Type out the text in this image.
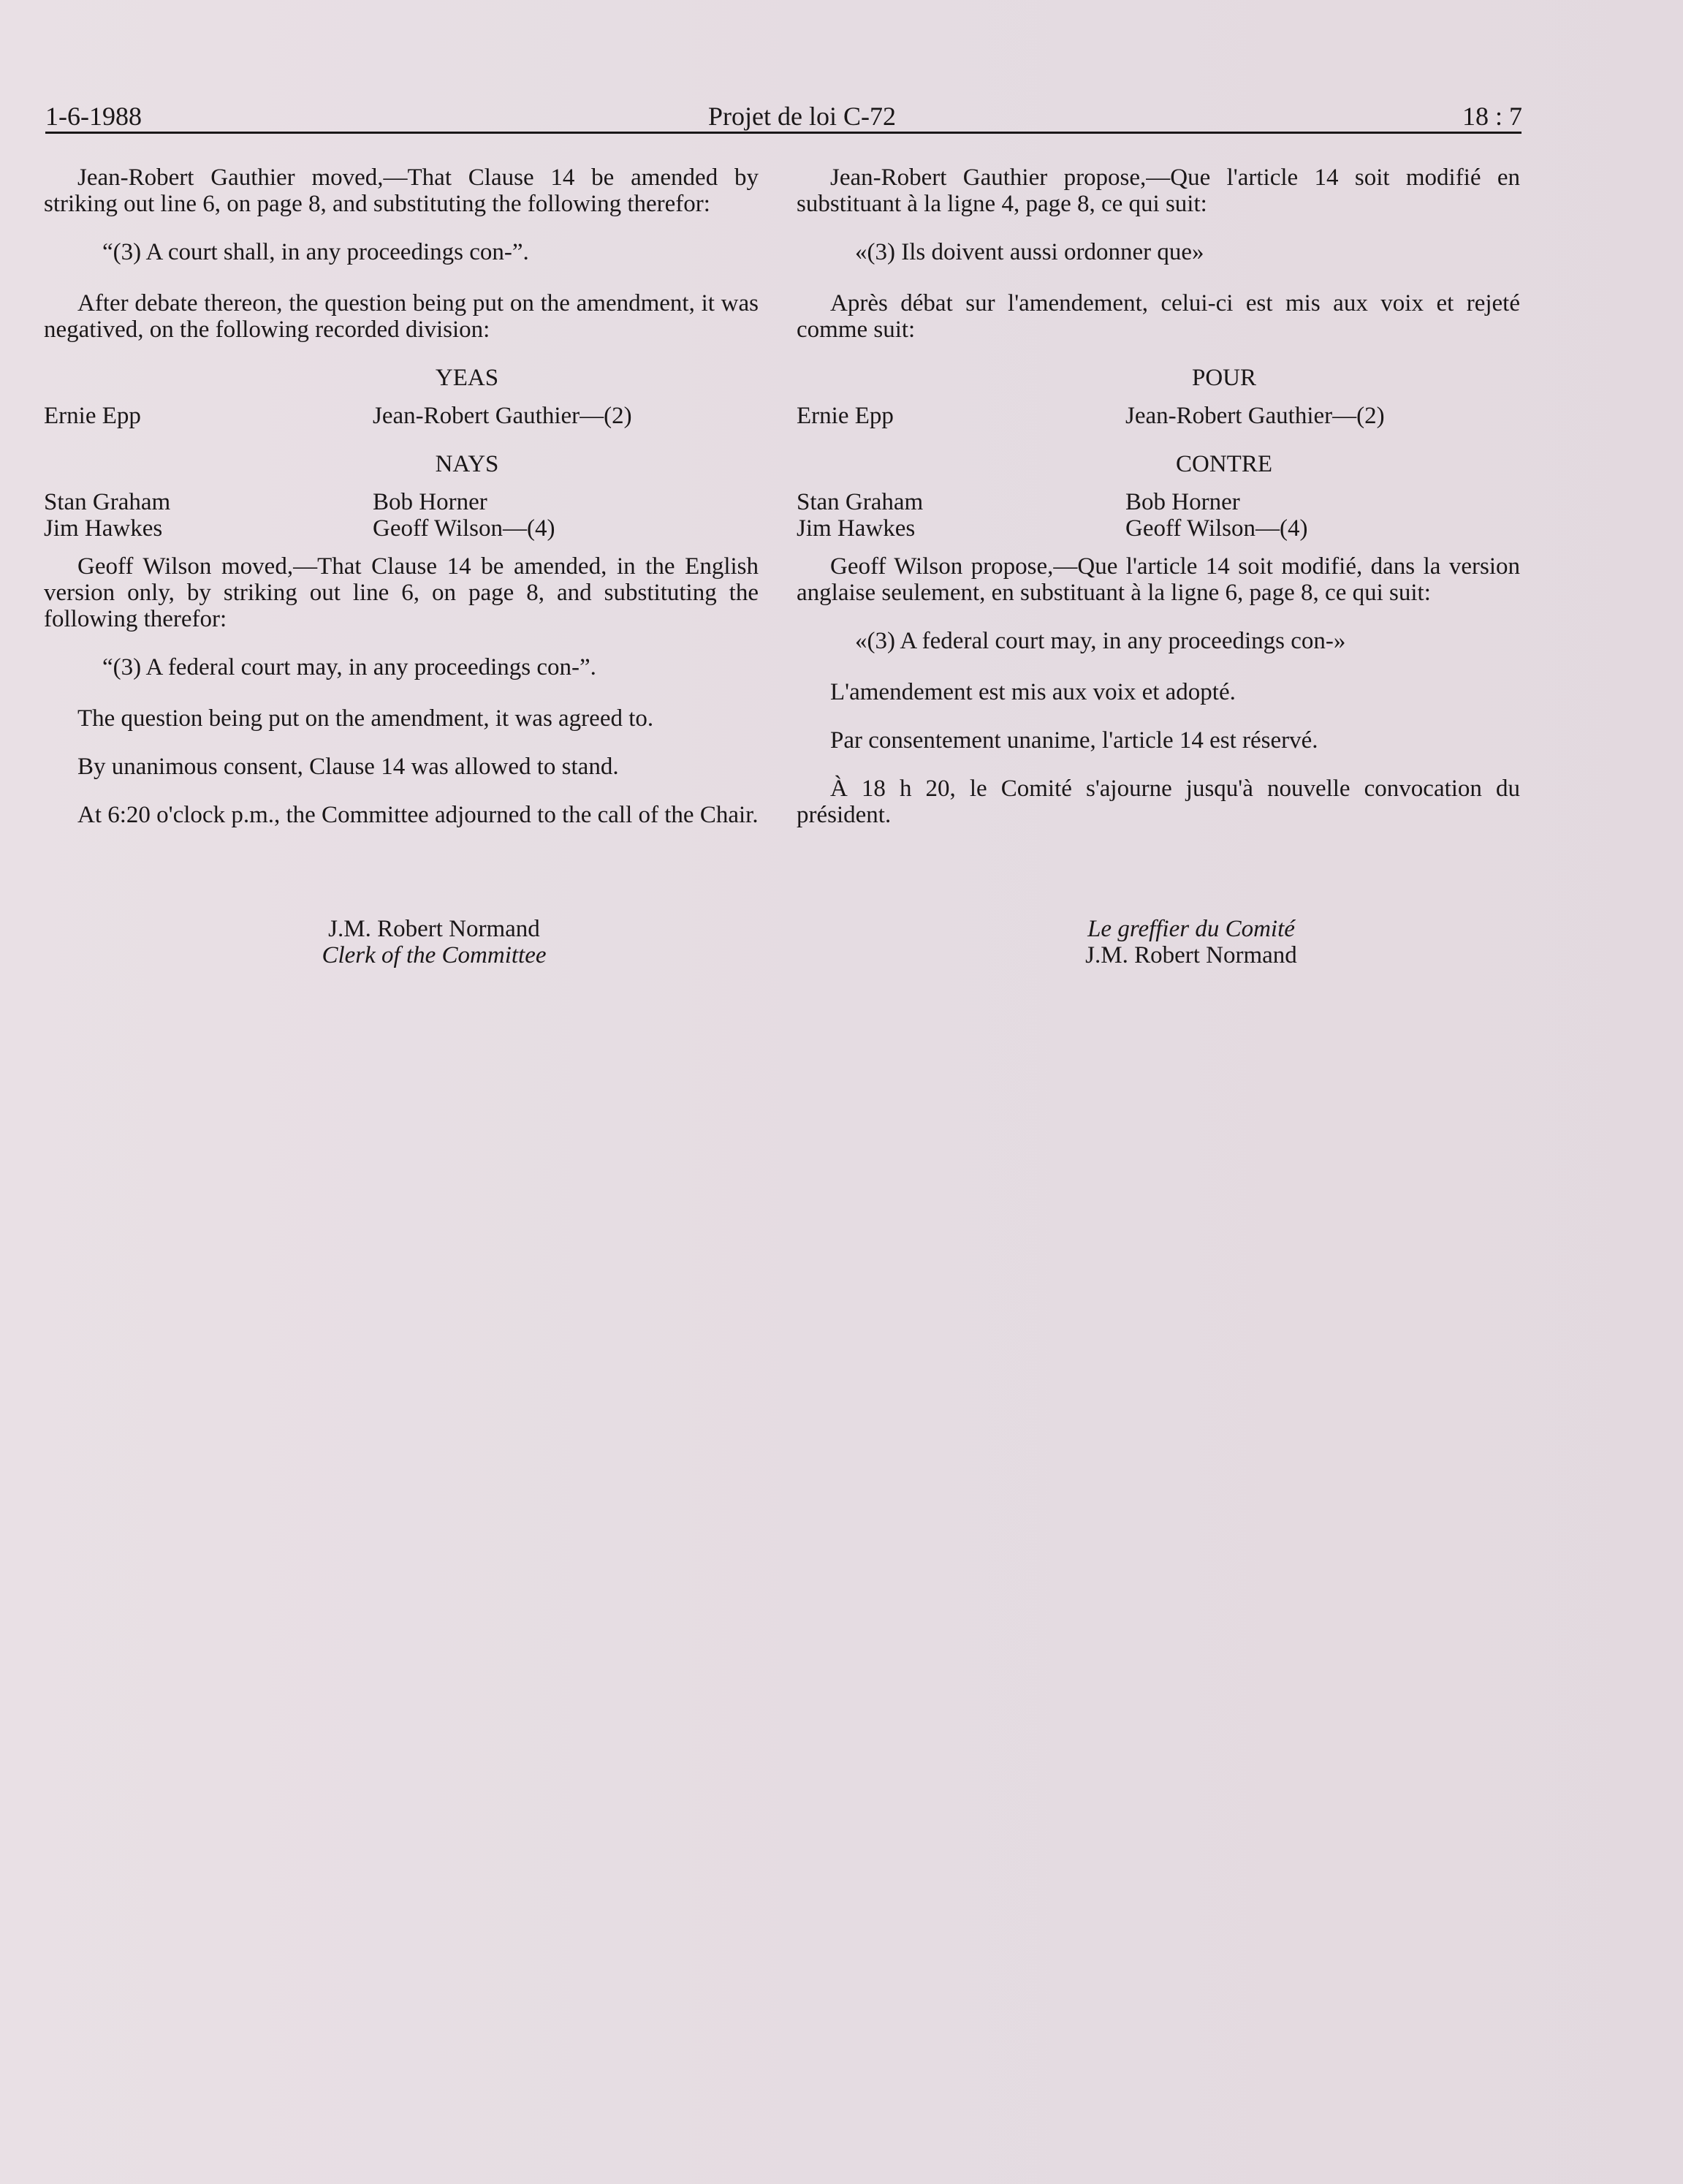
1-6-1988	Projet de loi C-72	18 : 7

Jean-Robert Gauthier moved,—That Clause 14 be amended by striking out line 6, on page 8, and substituting the following therefor:

“(3) A court shall, in any proceedings con-”.

After debate thereon, the question being put on the amendment, it was negatived, on the following recorded division:

YEAS
Ernie Epp	Jean-Robert Gauthier—(2)
NAYS
Stan Graham	Bob Horner
Jim Hawkes	Geoff Wilson—(4)

Geoff Wilson moved,—That Clause 14 be amended, in the English version only, by striking out line 6, on page 8, and substituting the following therefor:

“(3) A federal court may, in any proceedings con-”.

The question being put on the amendment, it was agreed to.

By unanimous consent, Clause 14 was allowed to stand.

At 6:20 o'clock p.m., the Committee adjourned to the call of the Chair.

J.M. Robert Normand

Clerk of the Committee

Jean-Robert Gauthier propose,—Que l'article 14 soit modifié en substituant à la ligne 4, page 8, ce qui suit:

«(3) Ils doivent aussi ordonner que»

Après débat sur l'amendement, celui-ci est mis aux voix et rejeté comme suit:

POUR
Ernie Epp	Jean-Robert Gauthier—(2)
CONTRE
Stan Graham	Bob Horner
Jim Hawkes	Geoff Wilson—(4)

Geoff Wilson propose,—Que l'article 14 soit modifié, dans la version anglaise seulement, en substituant à la ligne 6, page 8, ce qui suit:

«(3) A federal court may, in any proceedings con-»

L'amendement est mis aux voix et adopté.

Par consentement unanime, l'article 14 est réservé.

À 18 h 20, le Comité s'ajourne jusqu'à nouvelle convocation du président.

Le greffier du Comité

J.M. Robert Normand
